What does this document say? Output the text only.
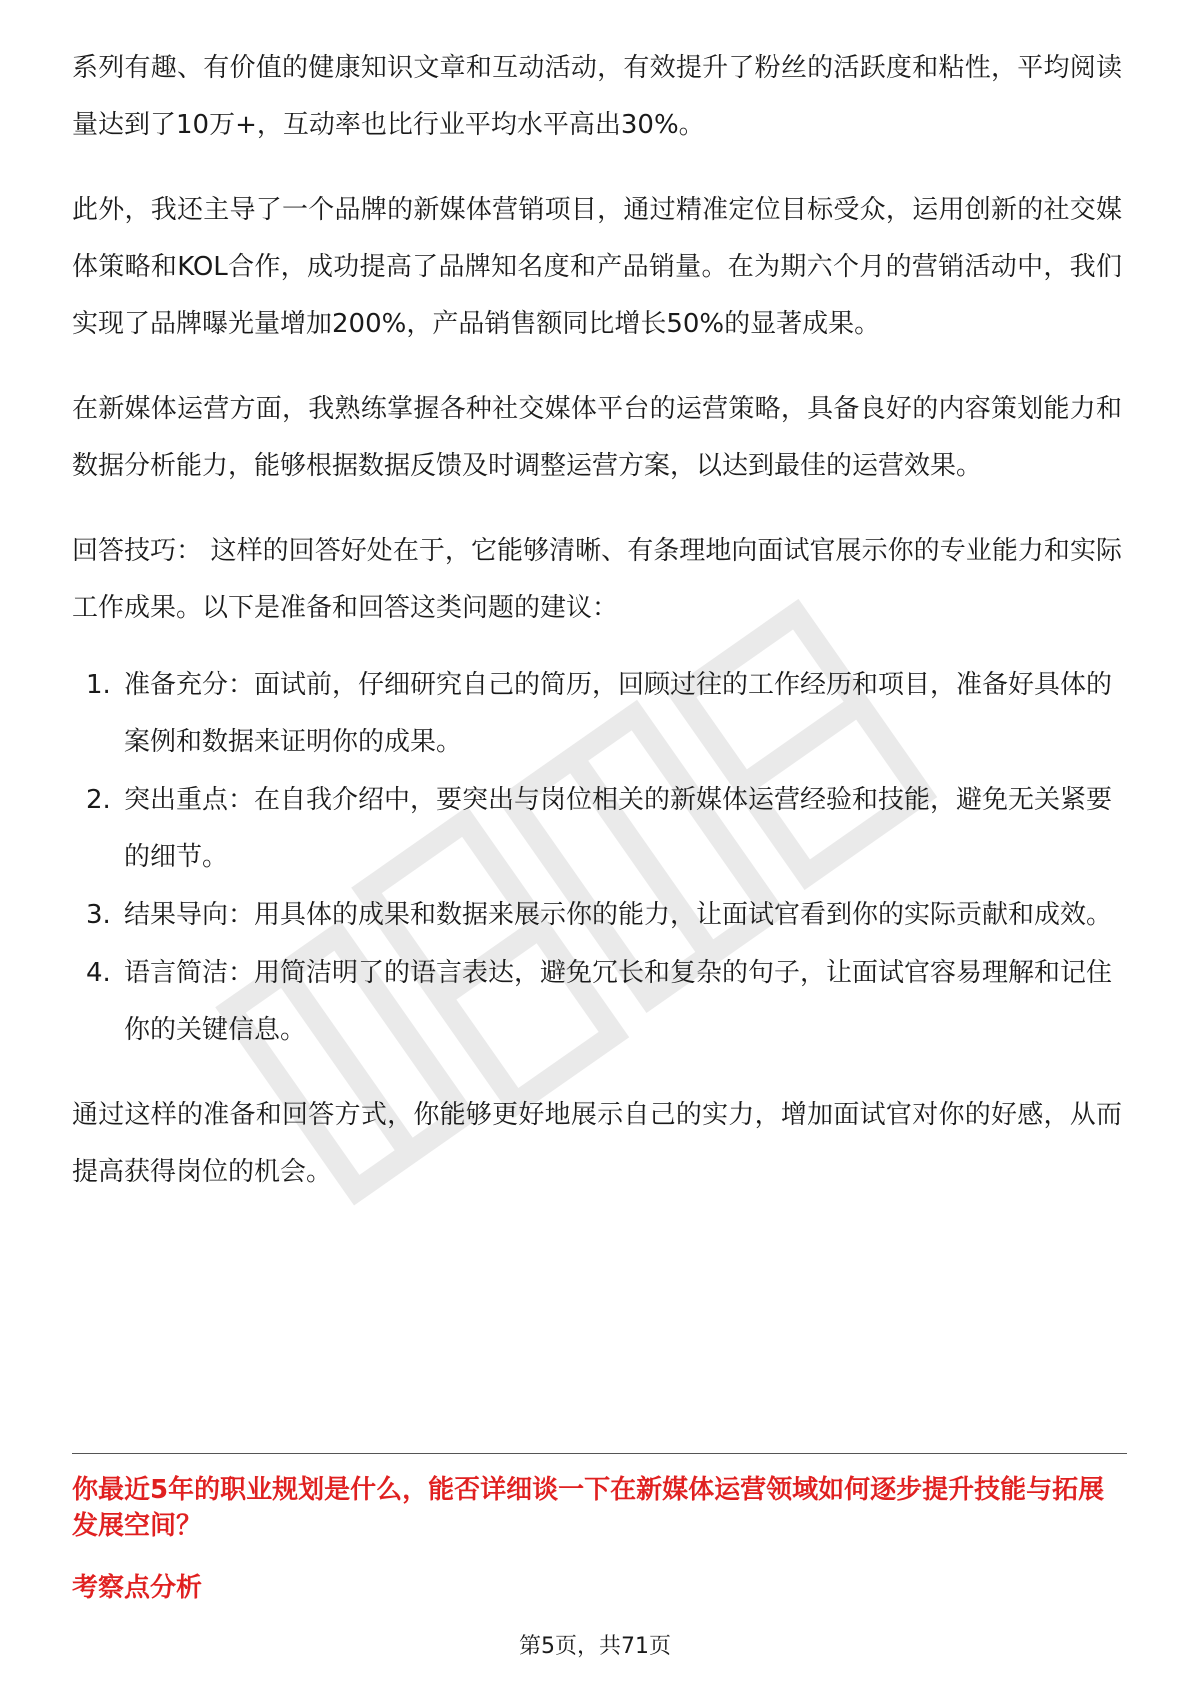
系列有趣、有价值的健康知识文章和互动活动，有效提升了粉丝的活跃度和粘性，平均阅读量达到了10万+，互动率也比行业平均水平高出30%。

此外，我还主导了一个品牌的新媒体营销项目，通过精准定位目标受众，运用创新的社交媒体策略和KOL合作，成功提高了品牌知名度和产品销量。在为期六个月的营销活动中，我们实现了品牌曝光量增加200%，产品销售额同比增长50%的显著成果。

在新媒体运营方面，我熟练掌握各种社交媒体平台的运营策略，具备良好的内容策划能力和数据分析能力，能够根据数据反馈及时调整运营方案，以达到最佳的运营效果。

回答技巧： 这样的回答好处在于，它能够清晰、有条理地向面试官展示你的专业能力和实际工作成果。以下是准备和回答这类问题的建议：

1. 准备充分：面试前，仔细研究自己的简历，回顾过往的工作经历和项目，准备好具体的案例和数据来证明你的成果。
2. 突出重点：在自我介绍中，要突出与岗位相关的新媒体运营经验和技能，避免无关紧要的细节。
3. 结果导向：用具体的成果和数据来展示你的能力，让面试官看到你的实际贡献和成效。
4. 语言简洁：用简洁明了的语言表达，避免冗长和复杂的句子，让面试官容易理解和记住你的关键信息。

通过这样的准备和回答方式，你能够更好地展示自己的实力，增加面试官对你的好感，从而提高获得岗位的机会。

你最近5年的职业规划是什么，能否详细谈一下在新媒体运营领域如何逐步提升技能与拓展发展空间？

考察点分析

第5页，共71页
